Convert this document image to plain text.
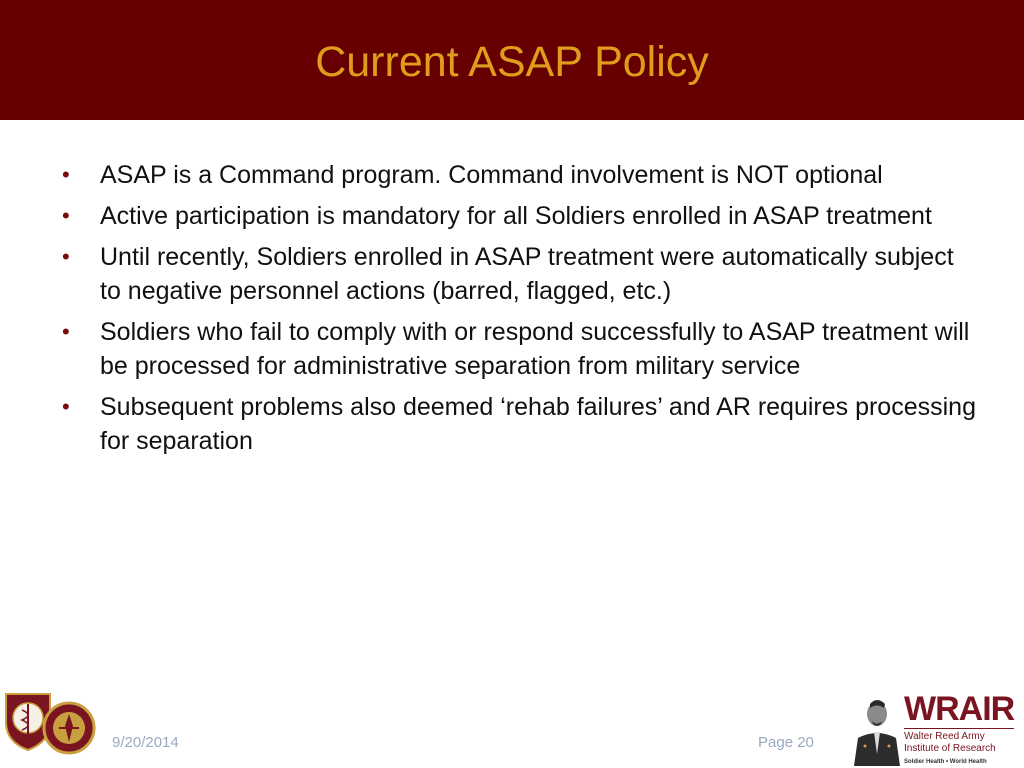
Current ASAP Policy
• ASAP is a Command program. Command involvement is NOT optional
• Active participation is mandatory for all Soldiers enrolled in ASAP treatment
• Until recently, Soldiers enrolled in ASAP treatment were automatically subject to negative personnel actions (barred, flagged, etc.)
• Soldiers who fail to comply with or respond successfully to ASAP treatment will be processed for administrative separation from military service
• Subsequent problems also deemed ‘rehab failures’ and AR requires processing for separation
9/20/2014	Page 20
WRAIR
Walter Reed Army
Institute of Research
Soldier Health • World Health
